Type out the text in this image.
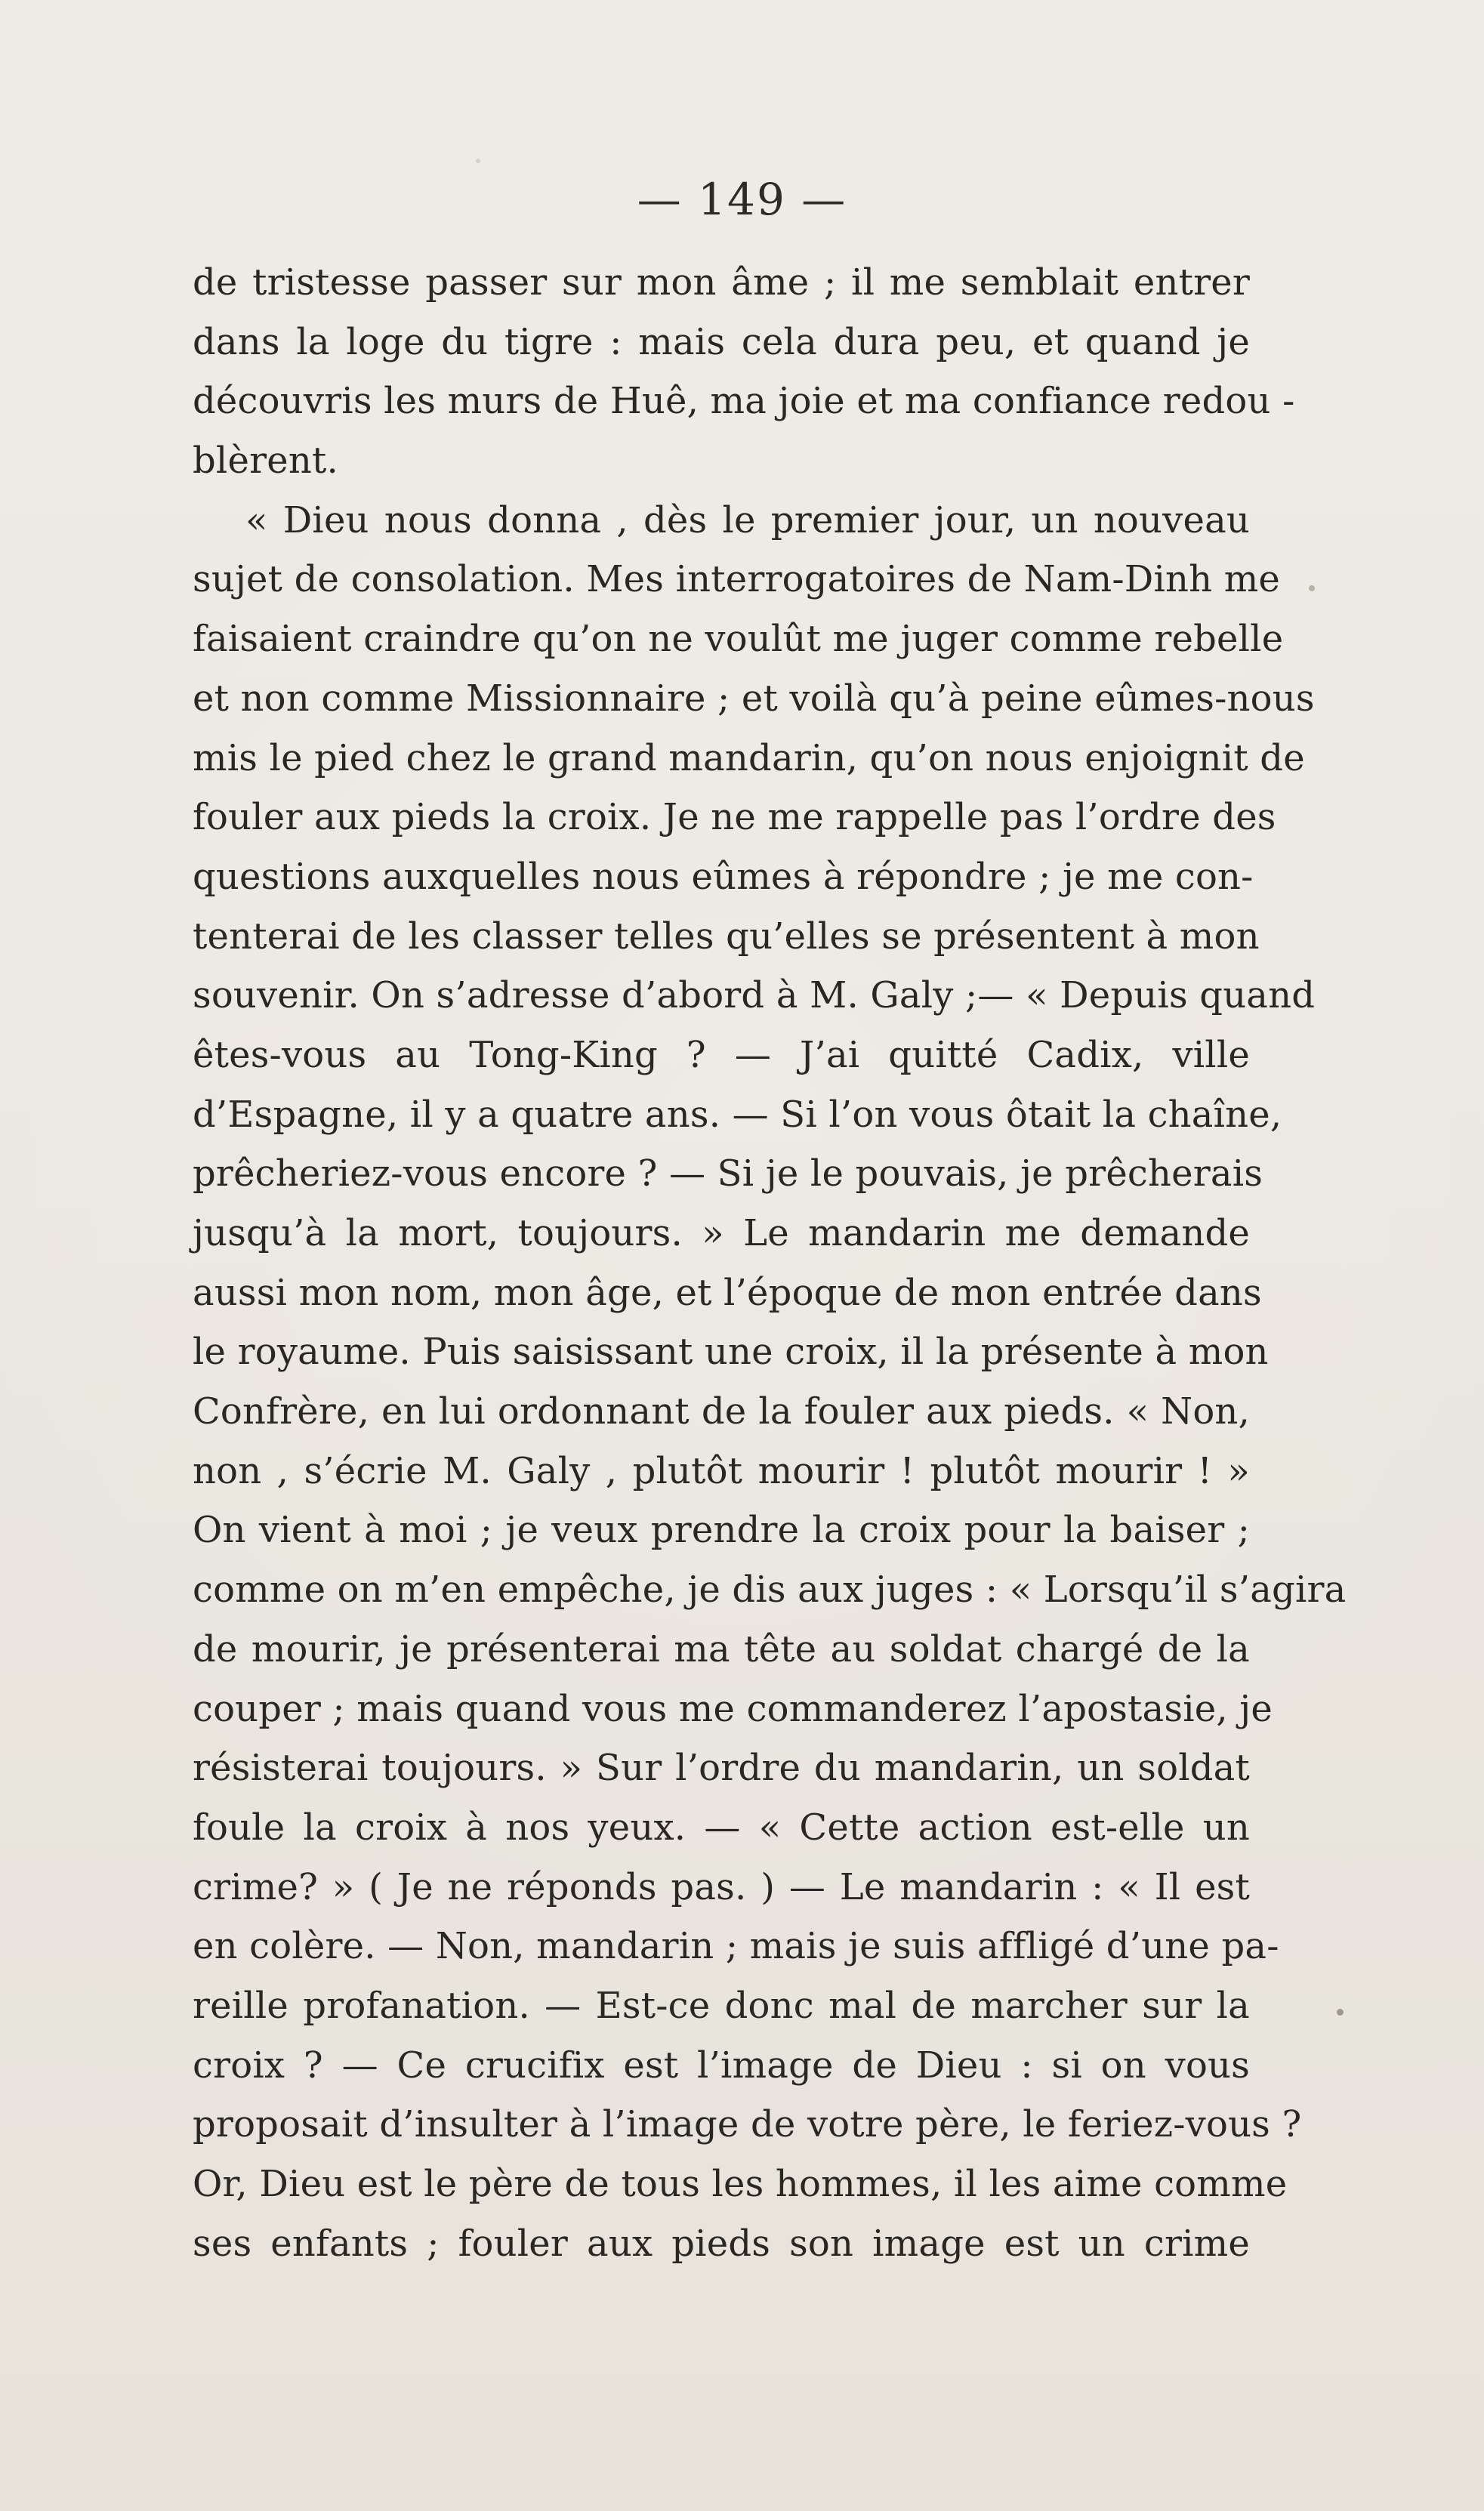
— 149 —
de tristesse passer sur mon âme ; il me semblait entrer
dans la loge du tigre : mais cela dura peu, et quand je
découvris les murs de Huê, ma joie et ma confiance redou -
blèrent.
« Dieu nous donna , dès le premier jour, un nouveau
sujet de consolation. Mes interrogatoires de Nam-Dinh me
faisaient craindre qu’on ne voulût me juger comme rebelle
et non comme Missionnaire ; et voilà qu’à peine eûmes-nous
mis le pied chez le grand mandarin, qu’on nous enjoignit de
fouler aux pieds la croix. Je ne me rappelle pas l’ordre des
questions auxquelles nous eûmes à répondre ; je me con-
tenterai de les classer telles qu’elles se présentent à mon
souvenir. On s’adresse d’abord à M. Galy ;— « Depuis quand
êtes-vous au Tong-King ? — J’ai quitté Cadix, ville
d’Espagne, il y a quatre ans. — Si l’on vous ôtait la chaîne,
prêcheriez-vous encore ? — Si je le pouvais, je prêcherais
jusqu’à la mort, toujours. » Le mandarin me demande
aussi mon nom, mon âge, et l’époque de mon entrée dans
le royaume. Puis saisissant une croix, il la présente à mon
Confrère, en lui ordonnant de la fouler aux pieds. « Non,
non , s’écrie M. Galy , plutôt mourir ! plutôt mourir ! »
On vient à moi ; je veux prendre la croix pour la baiser ;
comme on m’en empêche, je dis aux juges : « Lorsqu’il s’agira
de mourir, je présenterai ma tête au soldat chargé de la
couper ; mais quand vous me commanderez l’apostasie, je
résisterai toujours. » Sur l’ordre du mandarin, un soldat
foule la croix à nos yeux. — « Cette action est-elle un
crime? » ( Je ne réponds pas. ) — Le mandarin : « Il est
en colère. — Non, mandarin ; mais je suis affligé d’une pa-
reille profanation. — Est-ce donc mal de marcher sur la
croix ? — Ce crucifix est l’image de Dieu : si on vous
proposait d’insulter à l’image de votre père, le feriez-vous ?
Or, Dieu est le père de tous les hommes, il les aime comme
ses enfants ; fouler aux pieds son image est un crime
